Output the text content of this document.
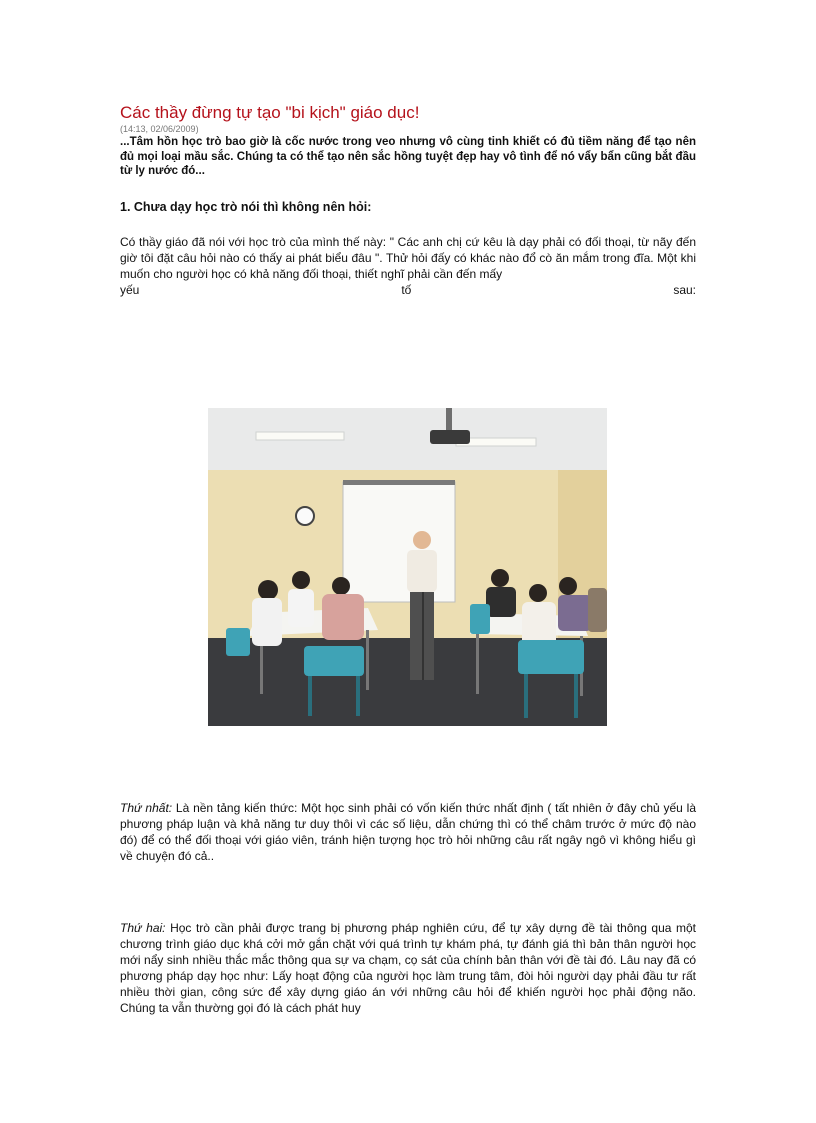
Các thầy đừng tự tạo "bi kịch" giáo dục!
(14:13, 02/06/2009)

...Tâm hồn học trò bao giờ là cốc nước trong veo nhưng vô cùng tinh khiết có đủ tiềm năng để tạo nên đủ mọi loại mầu sắc. Chúng ta có thể tạo nên sắc hồng tuyệt đẹp hay vô tình để nó vẩy bẩn cũng bắt đầu từ ly nước đó...

1. Chưa dạy học trò nói thì không nên hỏi:

Có thầy giáo đã nói với học trò của mình thế này: " Các anh chị cứ kêu là dạy phải có đối thoại, từ nãy đến giờ tôi đặt câu hỏi nào có thấy ai phát biểu đâu ". Thử hỏi đấy có khác nào đổ cò ăn mắm trong đĩa. Một khi muốn cho người học có khả năng đối thoại, thiết nghĩ phải cần đến mấy

yếu	tố	sau:

Thứ nhất: Là nền tảng kiến thức: Một học sinh phải có vốn kiến thức nhất định ( tất nhiên ở đây chủ yếu là phương pháp luận và khả năng tư duy thôi vì các số liệu, dẫn chứng thì có thể châm trước ở mức độ nào đó) để có thể đối thoại với giáo viên, tránh hiện tượng học trò hỏi những câu rất ngây ngô vì không hiểu gì về chuyện đó cả..

Thứ hai: Học trò cần phải được trang bị phương pháp nghiên cứu, để tự xây dựng đề tài thông qua một chương trình giáo dục khá cởi mở gắn chặt với quá trình tự khám phá, tự đánh giá thì bản thân người học mới nẩy sinh nhiều thắc mắc thông qua sự va chạm, cọ sát của chính bản thân với đề tài đó. Lâu nay đã có phương pháp dạy học như: Lấy hoạt động của người học làm trung tâm, đòi hỏi người dạy phải đầu tư rất nhiều thời gian, công sức để xây dựng giáo án với những câu hỏi để khiến người học phải động não. Chúng ta vẫn thường gọi đó là cách phát huy
